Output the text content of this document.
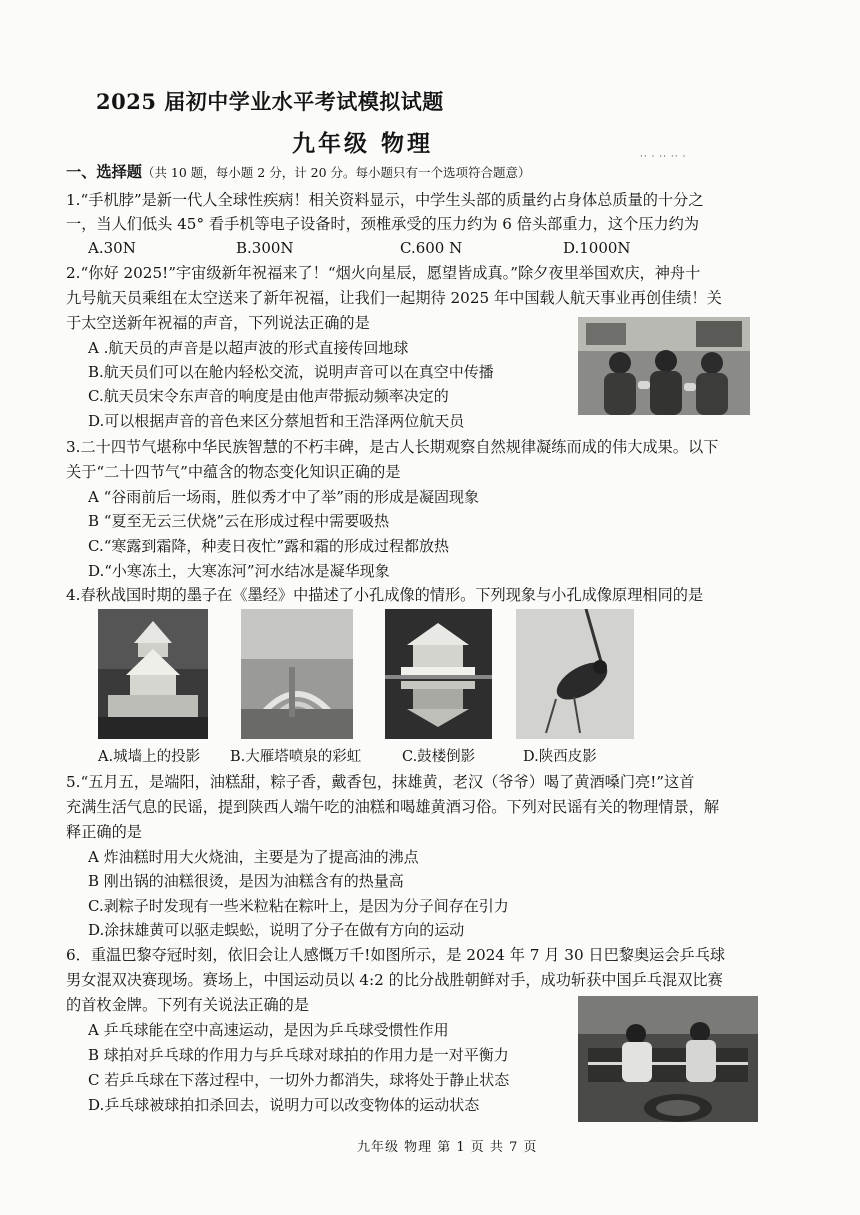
2025 届初中学业水平考试模拟试题
九年级 物理	·· · ·· ·· ·
一、选择题（共 10 题，每小题 2 分，计 20 分。每小题只有一个选项符合题意）
1.“手机脖”是新一代人全球性疾病！相关资料显示，中学生头部的质量约占身体总质量的十分之
一，当人们低头 45° 看手机等电子设备时，颈椎承受的压力约为 6 倍头部重力，这个压力约为
A.30N	B.300N	C.600 N	D.1000N
2.“你好 2025!”宇宙级新年祝福来了！“烟火向星辰，愿望皆成真。”除夕夜里举国欢庆，神舟十
九号航天员乘组在太空送来了新年祝福，让我们一起期待 2025 年中国载人航天事业再创佳绩！关
于太空送新年祝福的声音，下列说法正确的是
A .航天员的声音是以超声波的形式直接传回地球
B.航天员们可以在舱内轻松交流，说明声音可以在真空中传播
C.航天员宋令东声音的响度是由他声带振动频率决定的
D.可以根据声音的音色来区分蔡旭哲和王浩泽两位航天员
3.二十四节气堪称中华民族智慧的不朽丰碑，是古人长期观察自然规律凝练而成的伟大成果。以下
关于“二十四节气”中蕴含的物态变化知识正确的是
A “谷雨前后一场雨，胜似秀才中了举”雨的形成是凝固现象
B “夏至无云三伏烧”云在形成过程中需要吸热
C.“寒露到霜降，种麦日夜忙”露和霜的形成过程都放热
D.“小寒冻土，大寒冻河”河水结冰是凝华现象
4.春秋战国时期的墨子在《墨经》中描述了小孔成像的情形。下列现象与小孔成像原理相同的是
A.城墙上的投影 B.大雁塔喷泉的彩虹	C.鼓楼倒影	D.陕西皮影
5.“五月五，是端阳，油糕甜，粽子香，戴香包，抹雄黄，老汉（爷爷）喝了黄酒嗓门亮!”这首
充满生活气息的民谣，提到陕西人端午吃的油糕和喝雄黄酒习俗。下列对民谣有关的物理情景，解
释正确的是
A 炸油糕时用大火烧油，主要是为了提高油的沸点
B 刚出锅的油糕很烫，是因为油糕含有的热量高
C.剥粽子时发现有一些米粒粘在粽叶上，是因为分子间存在引力
D.涂抹雄黄可以驱走蜈蚣，说明了分子在做有方向的运动
6．重温巴黎夺冠时刻，依旧会让人感慨万千!如图所示，是 2024 年 7 月 30 日巴黎奥运会乒乓球
男女混双决赛现场。赛场上，中国运动员以 4:2 的比分战胜朝鲜对手，成功斩获中国乒乓混双比赛
的首枚金牌。下列有关说法正确的是
A 乒乓球能在空中高速运动，是因为乒乓球受惯性作用
B 球拍对乒乓球的作用力与乒乓球对球拍的作用力是一对平衡力
C 若乒乓球在下落过程中，一切外力都消失，球将处于静止状态
D.乒乓球被球拍扣杀回去，说明力可以改变物体的运动状态
九年级 物理 第 1 页 共 7 页
